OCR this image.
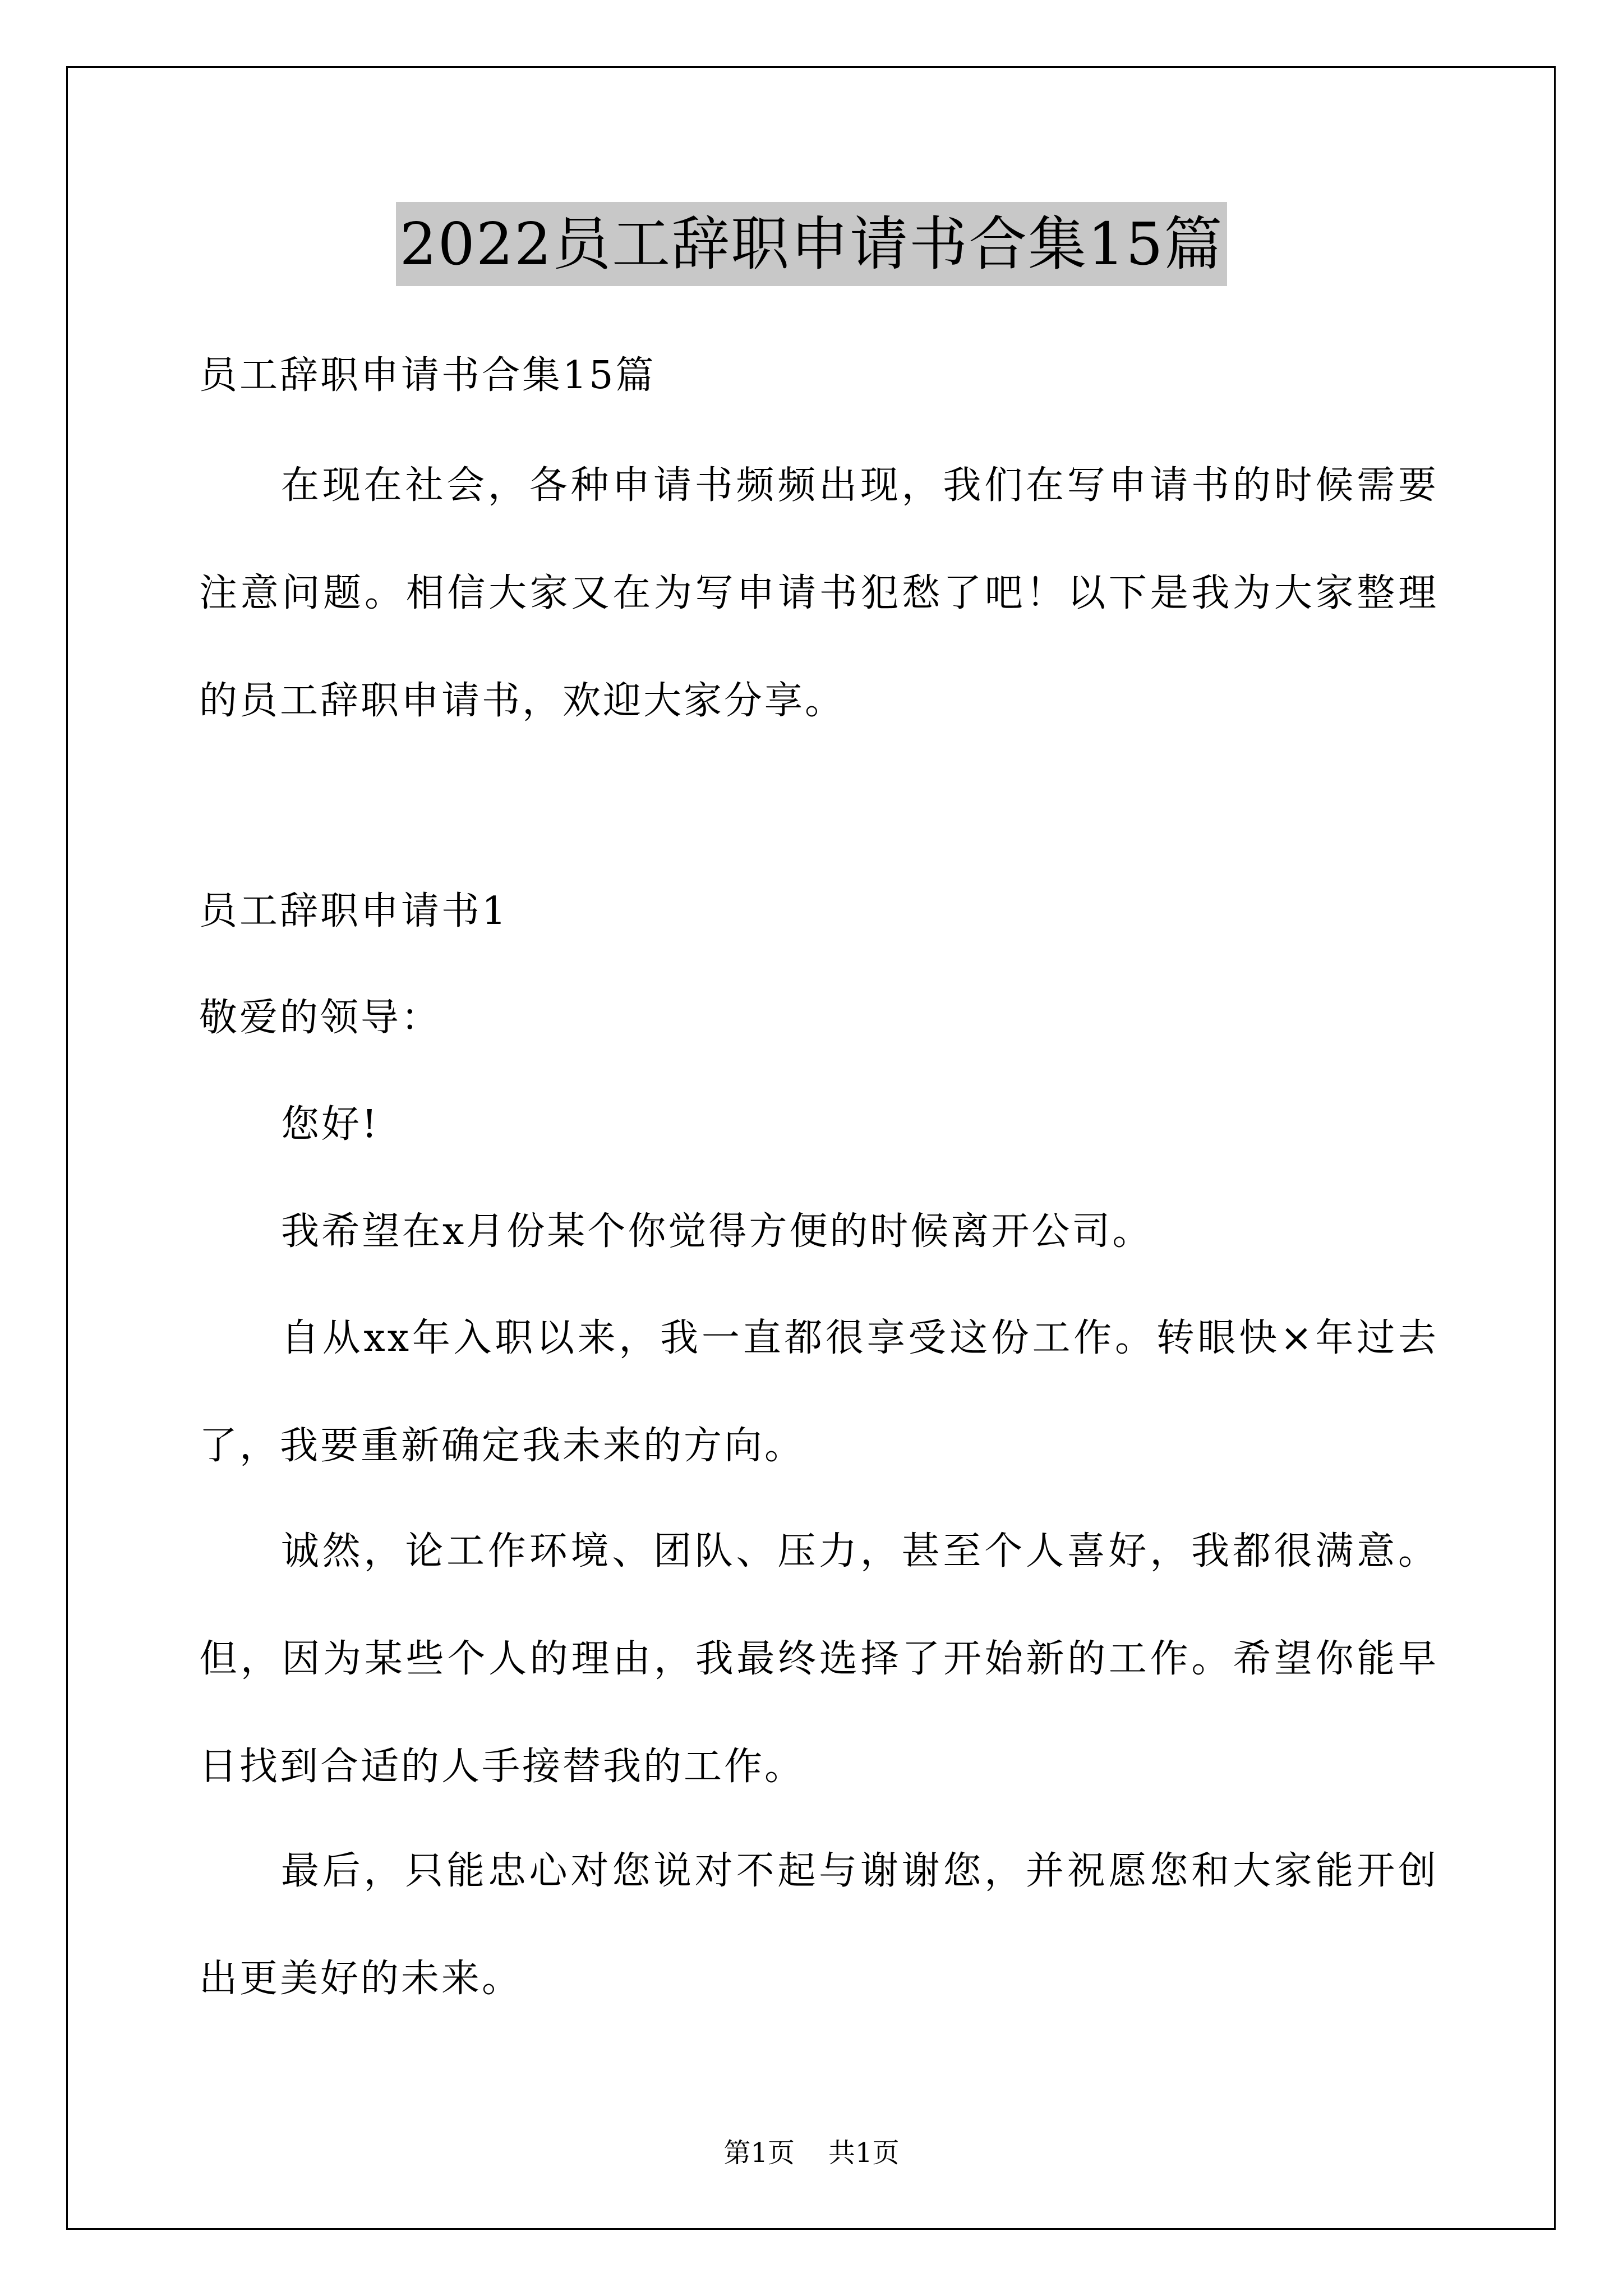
2022员工辞职申请书合集15篇

员工辞职申请书合集15篇

在现在社会，各种申请书频频出现，我们在写申请书的时候需要注意问题。相信大家又在为写申请书犯愁了吧！以下是我为大家整理的员工辞职申请书，欢迎大家分享。

员工辞职申请书1

敬爱的领导：

您好!

我希望在x月份某个你觉得方便的时候离开公司。

自从xx年入职以来，我一直都很享受这份工作。转眼快×年过去了，我要重新确定我未来的方向。

诚然，论工作环境、团队、压力，甚至个人喜好，我都很满意。但，因为某些个人的理由，我最终选择了开始新的工作。希望你能早日找到合适的人手接替我的工作。

最后，只能忠心对您说对不起与谢谢您，并祝愿您和大家能开创出更美好的未来。

第1页 共1页
